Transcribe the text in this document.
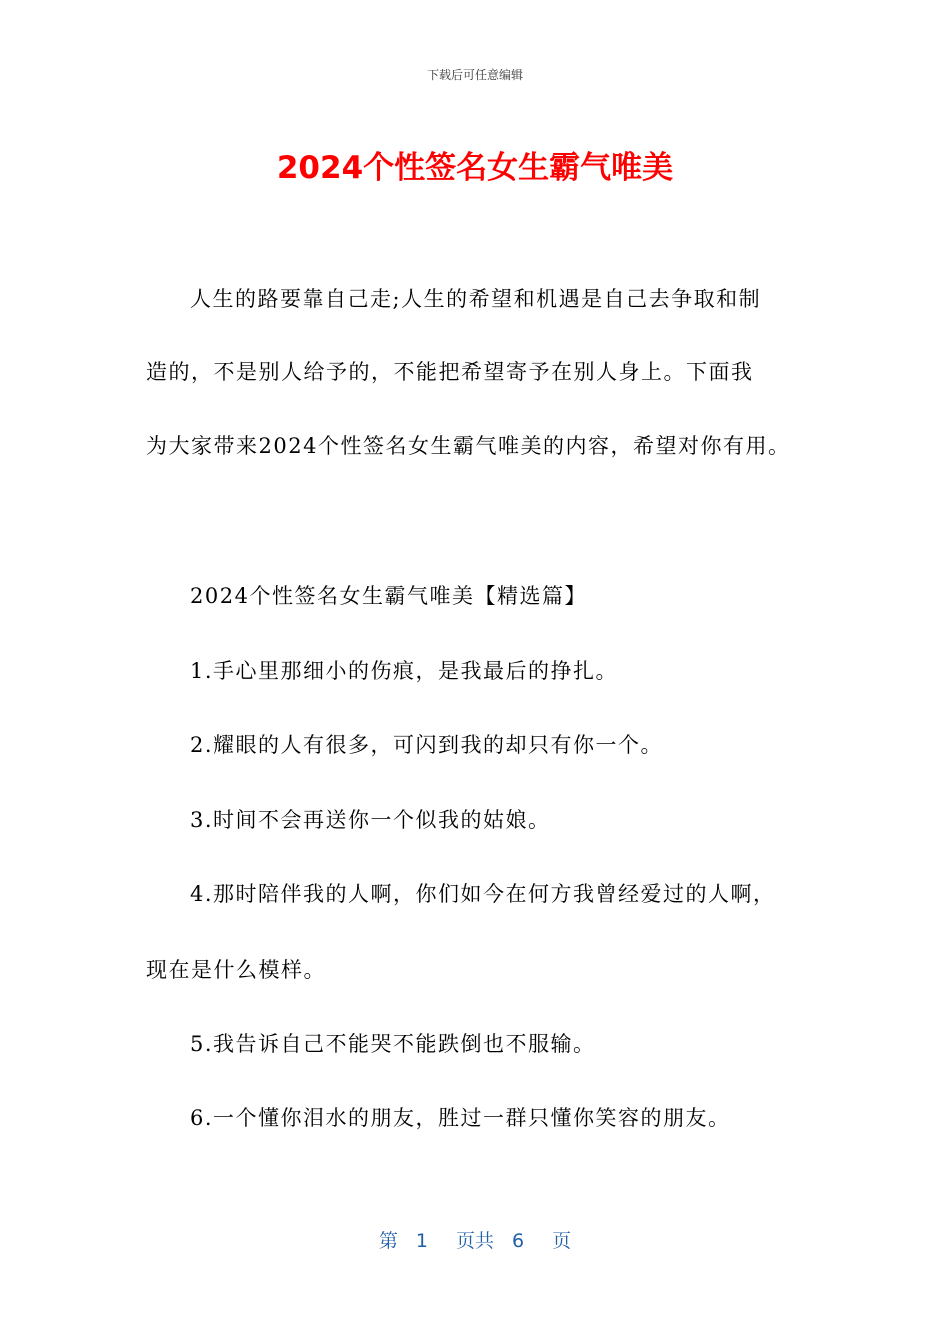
下载后可任意编辑
2024个性签名女生霸气唯美
人生的路要靠自己走;人生的希望和机遇是自己去争取和制
造的，不是别人给予的，不能把希望寄予在别人身上。下面我
为大家带来2024个性签名女生霸气唯美的内容，希望对你有用。
2024个性签名女生霸气唯美【精选篇】
1.手心里那细小的伤痕，是我最后的挣扎。
2.耀眼的人有很多，可闪到我的却只有你一个。
3.时间不会再送你一个似我的姑娘。
4.那时陪伴我的人啊，你们如今在何方我曾经爱过的人啊，
现在是什么模样。
5.我告诉自己不能哭不能跌倒也不服输。
6.一个懂你泪水的朋友，胜过一群只懂你笑容的朋友。
第 1 页共 6 页
